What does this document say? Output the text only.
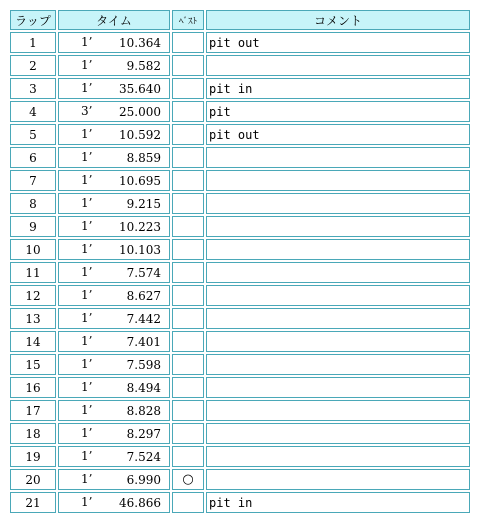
ラップ	タイム	ﾍﾞｽﾄ	コメント
1	1’ 10.364		pit out
2	1’ 9.582		

3	1’ 35.640		pit in
4	3’ 25.000		pit
5	1’ 10.592		pit out
6	1’ 8.859		

7	1’ 10.695		

8	1’ 9.215		

9	1’ 10.223		

10	1’ 10.103		

11	1’ 7.574		

12	1’ 8.627		

13	1’ 7.442		

14	1’ 7.401		

15	1’ 7.598		

16	1’ 8.494		

17	1’ 8.828		

18	1’ 8.297		

19	1’ 7.524		

20	1’ 6.990	○	
21	1’ 46.866		pit in
